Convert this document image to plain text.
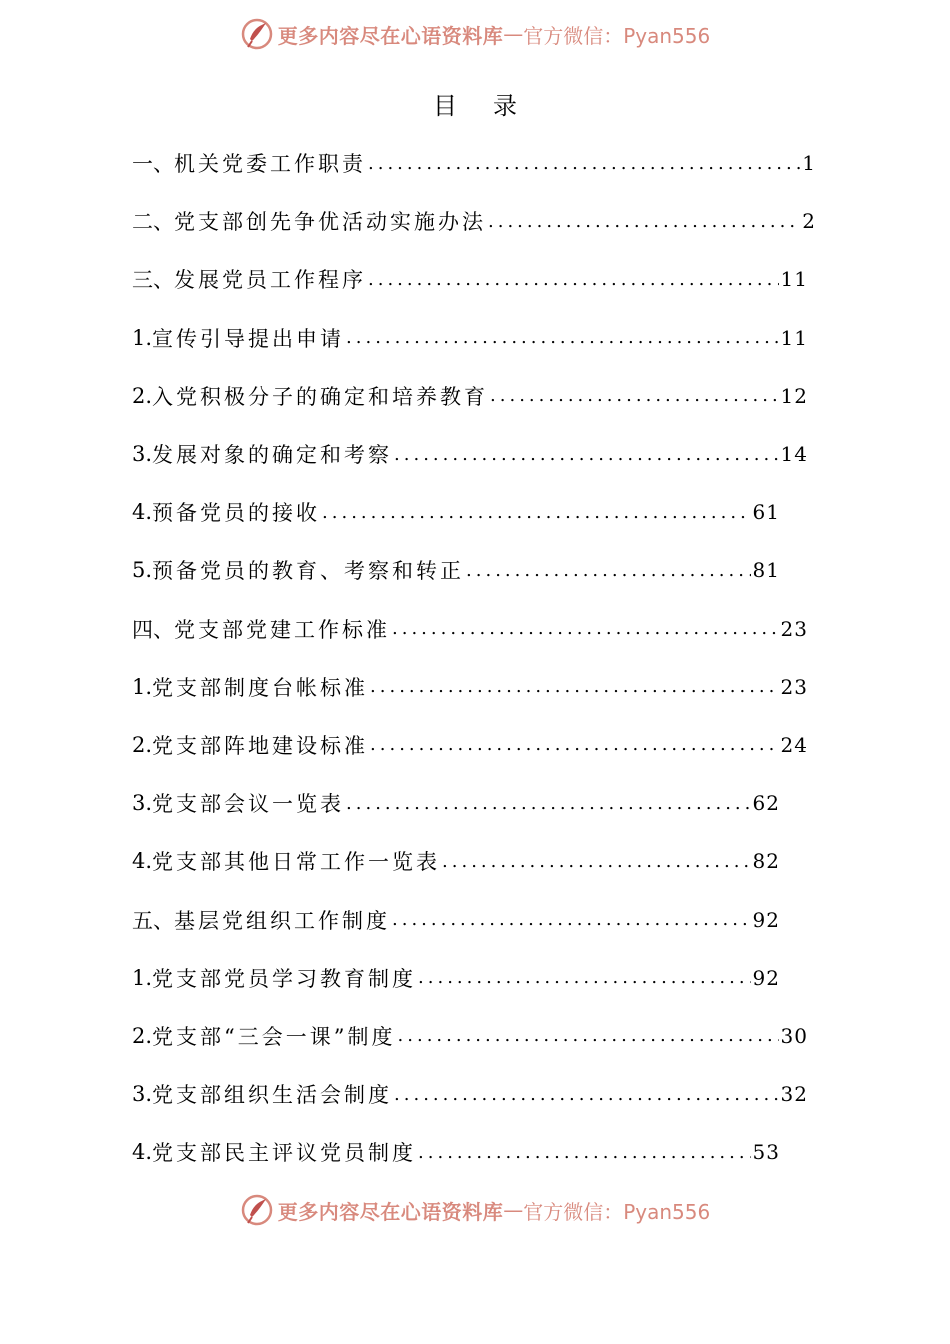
更多内容尽在心语资料库 — 官方微信：Pyan556
目录
一、 机关党委工作职责 .....	1
二、 党支部创先争优活动实施办法 .....	2
三、 发展党员工作程序 .....	11
1. 宣传引导提出申请 .....	11
2. 入党积极分子的确定和培养教育 .....	12
3. 发展对象的确定和考察 .....	14
4. 预备党员的接收 .....	61
5. 预备党员的教育、考察和转正 .....	81
四、 党支部党建工作标准 .....	23
1. 党支部制度台帐标准 .....	23
2. 党支部阵地建设标准 .....	24
3. 党支部会议一览表 .....	62
4. 党支部其他日常工作一览表 .....	82
五、 基层党组织工作制度 .....	92
1. 党支部党员学习教育制度 .....	92
2. 党支部“三会一课”制度 .....	30
3. 党支部组织生活会制度 .....	32
4. 党支部民主评议党员制度 .....	53
更多内容尽在心语资料库 — 官方微信：Pyan556
